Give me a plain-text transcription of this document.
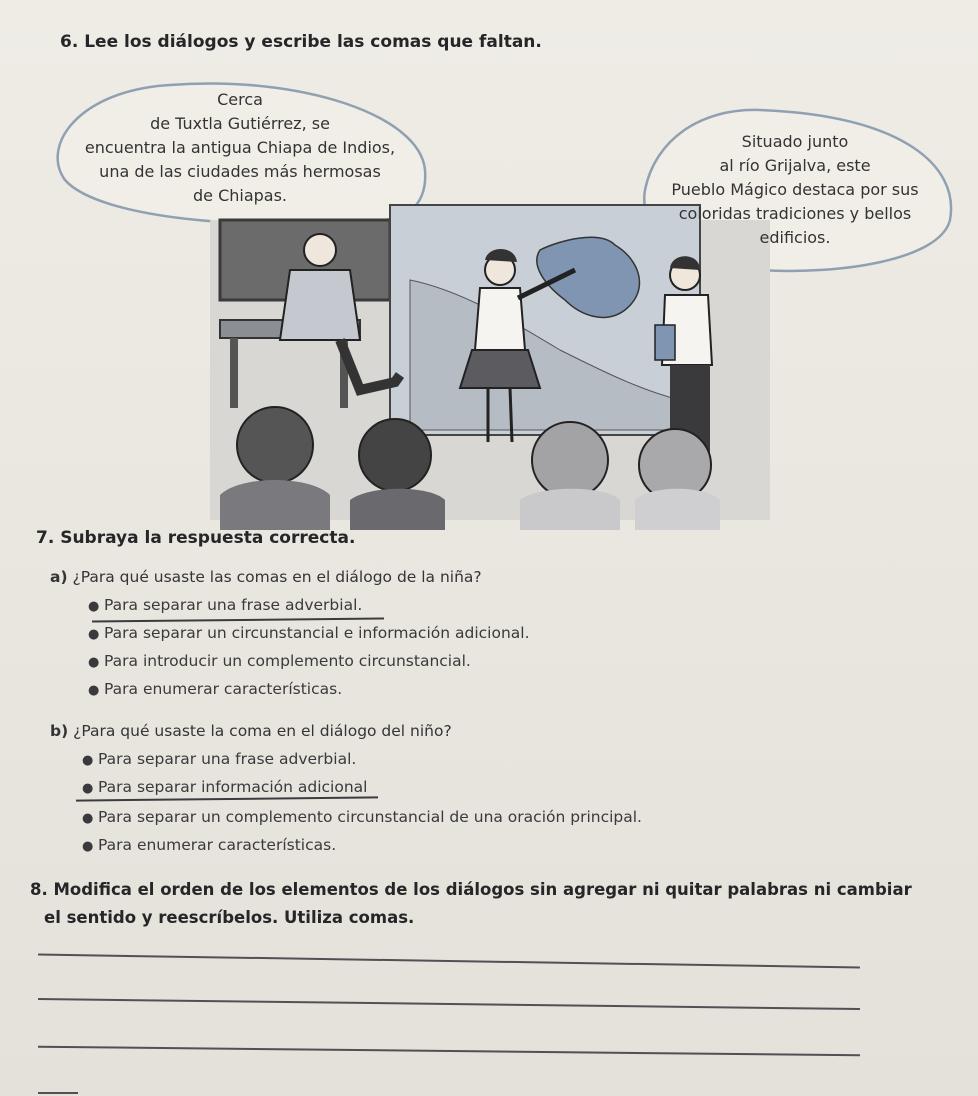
6. Lee los diálogos y escribe las comas que faltan.
Cerca
de Tuxtla Gutiérrez, se
encuentra la antigua Chiapa de Indios,
una de las ciudades más hermosas
de Chiapas.
Situado junto
al río Grijalva, este
Pueblo Mágico destaca por sus
coloridas tradiciones y bellos
edificios.
7. Subraya la respuesta correcta.
a) ¿Para qué usaste las comas en el diálogo de la niña?
● Para separar una frase adverbial.
● Para separar un circunstancial e información adicional.
● Para introducir un complemento circunstancial.
● Para enumerar características.
b) ¿Para qué usaste la coma en el diálogo del niño?
● Para separar una frase adverbial.
● Para separar información adicional
● Para separar un complemento circunstancial de una oración principal.
● Para enumerar características.
8. Modifica el orden de los elementos de los diálogos sin agregar ni quitar palabras ni cambiar
el sentido y reescríbelos. Utiliza comas.
